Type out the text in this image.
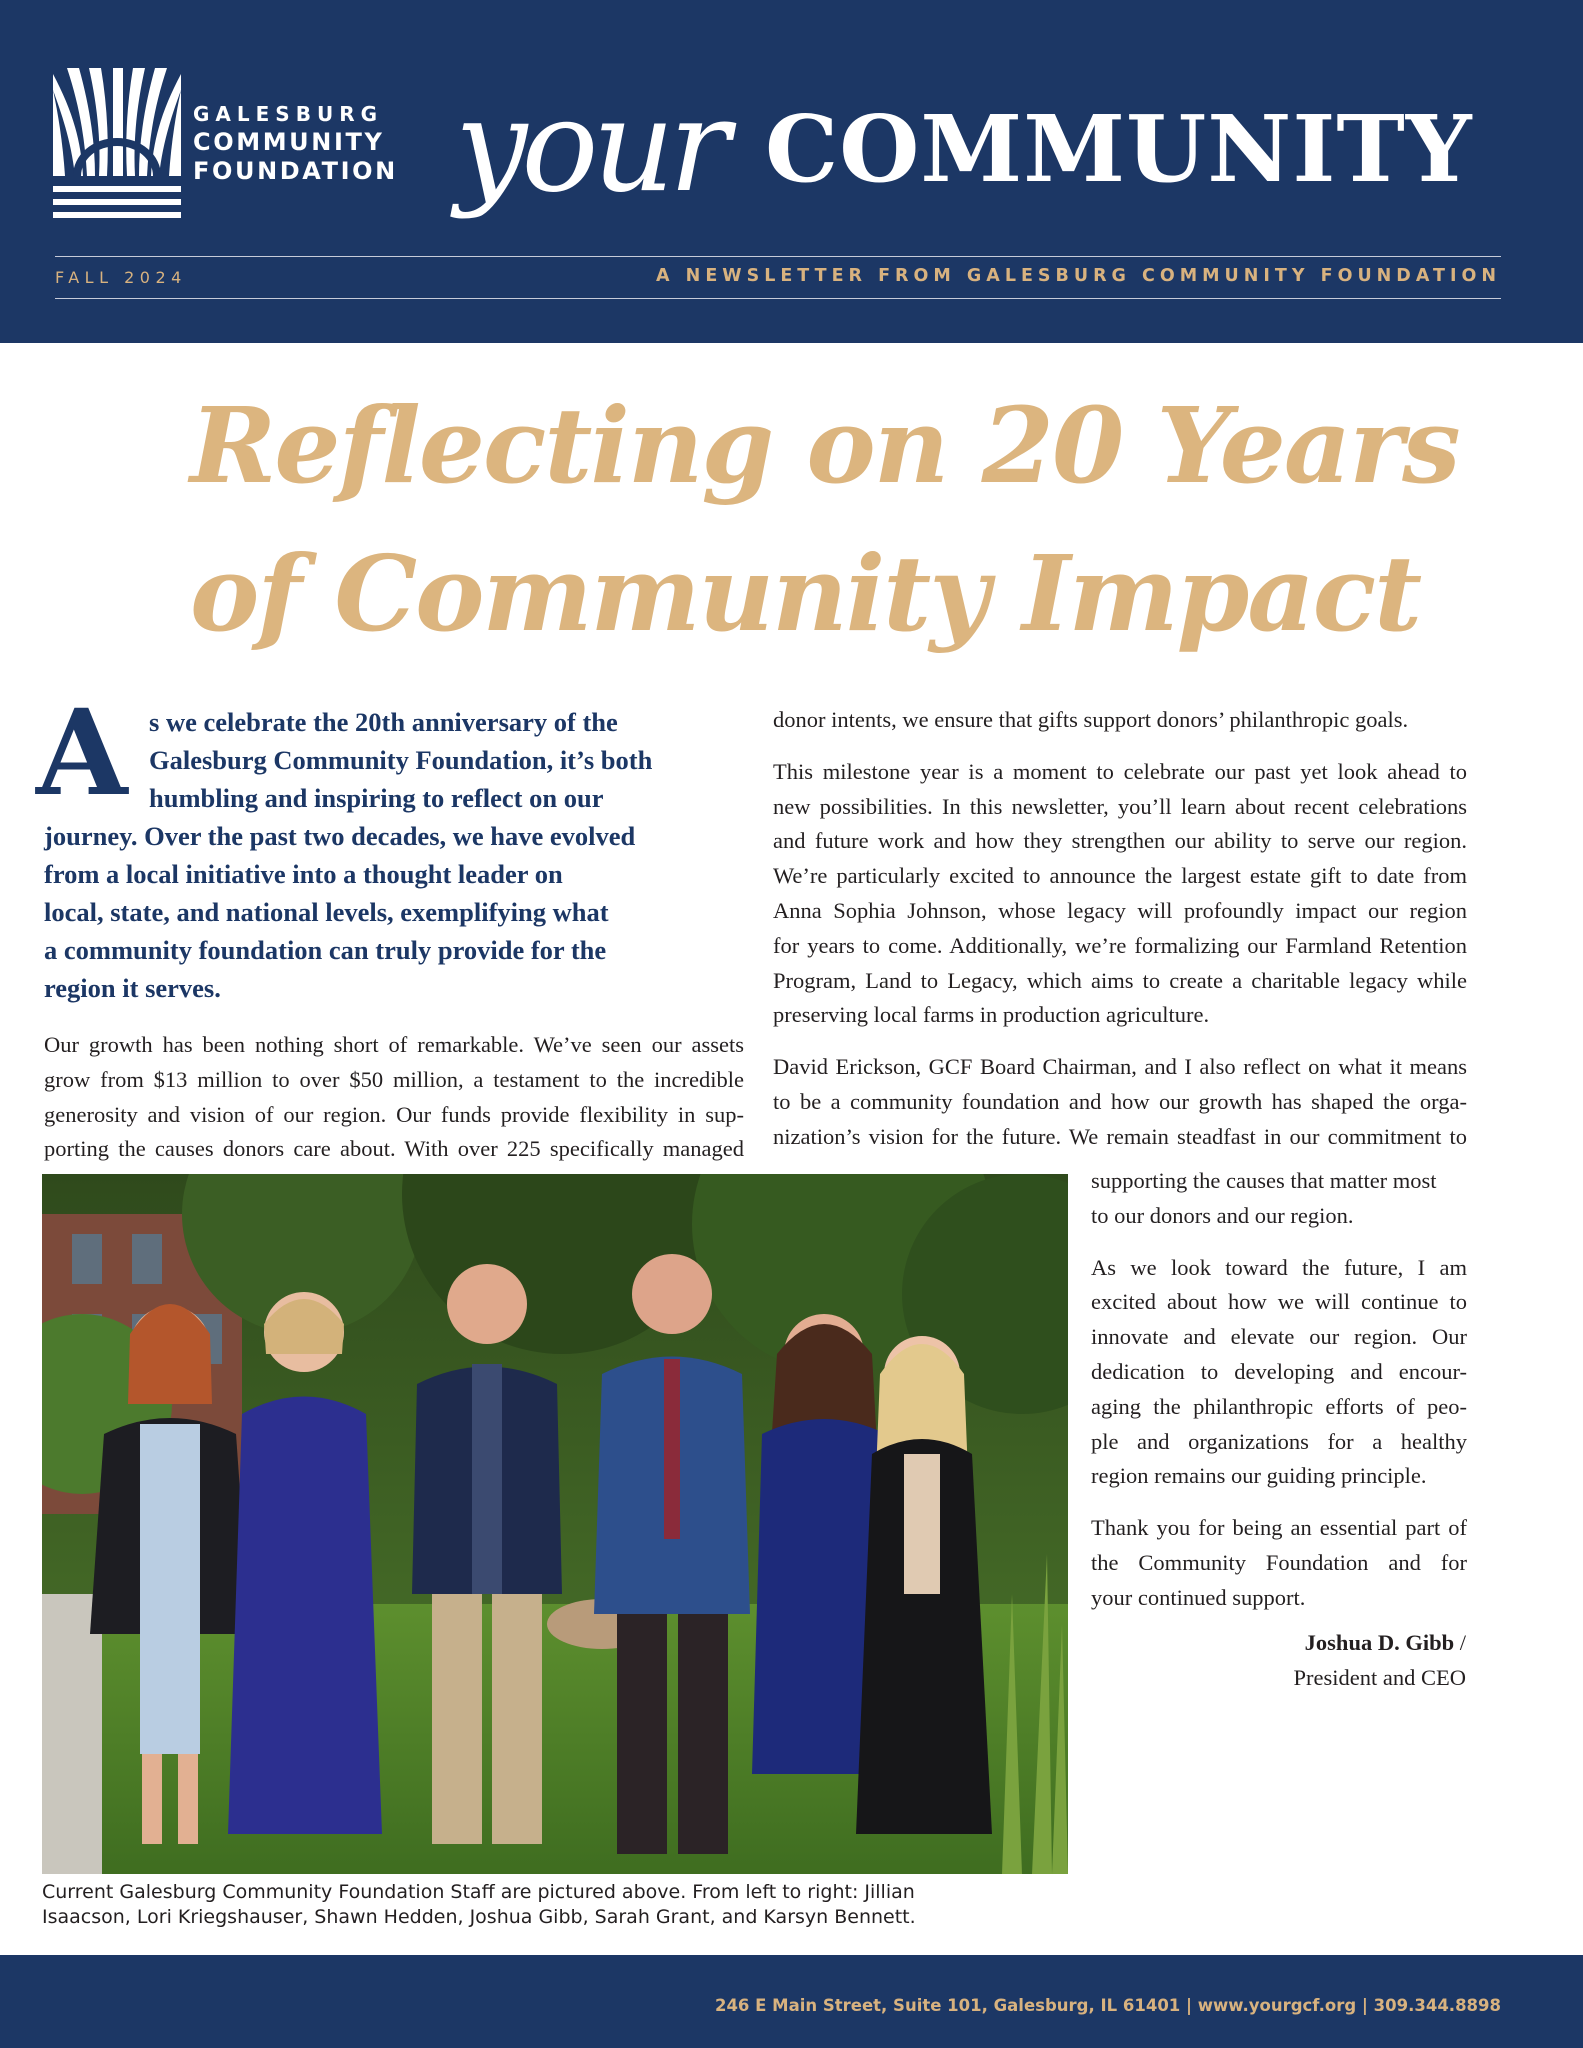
GALESBURG
COMMUNITY
FOUNDATION your COMMUNITY
FALL 2024	A NEWSLETTER FROM GALESBURG COMMUNITY FOUNDATION
Reflecting on 20 Years
of Community Impact
A s we celebrate the 20th anniversary of the
Galesburg Community Foundation, it’s both
humbling and inspiring to reflect on our
journey. Over the past two decades, we have evolved
from a local initiative into a thought leader on
local, state, and national levels, exemplifying what
a community foundation can truly provide for the
region it serves.
Our growth has been nothing short of remarkable. We’ve seen our assets
grow from $13 million to over $50 million, a testament to the incredible
generosity and vision of our region. Our funds provide flexibility in sup-
porting the causes donors care about. With over 225 specifically managed
donor intents, we ensure that gifts support donors’ philanthropic goals.
This milestone year is a moment to celebrate our past yet look ahead to
new possibilities. In this newsletter, you’ll learn about recent celebrations
and future work and how they strengthen our ability to serve our region.
We’re particularly excited to announce the largest estate gift to date from
Anna Sophia Johnson, whose legacy will profoundly impact our region
for years to come. Additionally, we’re formalizing our Farmland Retention
Program, Land to Legacy, which aims to create a charitable legacy while
preserving local farms in production agriculture.
David Erickson, GCF Board Chairman, and I also reflect on what it means
to be a community foundation and how our growth has shaped the orga-
nization’s vision for the future. We remain steadfast in our commitment to
supporting the causes that matter most
to our donors and our region.
As we look toward the future, I am
excited about how we will continue to
innovate and elevate our region. Our
dedication to developing and encour-
aging the philanthropic efforts of peo-
ple and organizations for a healthy
region remains our guiding principle.
Thank you for being an essential part of
the Community Foundation and for
your continued support.
Joshua D. Gibb /
President and CEO
Current Galesburg Community Foundation Staff are pictured above. From left to right: Jillian
Isaacson, Lori Kriegshauser, Shawn Hedden, Joshua Gibb, Sarah Grant, and Karsyn Bennett.
246 E Main Street, Suite 101, Galesburg, IL 61401 | www.yourgcf.org | 309.344.8898
